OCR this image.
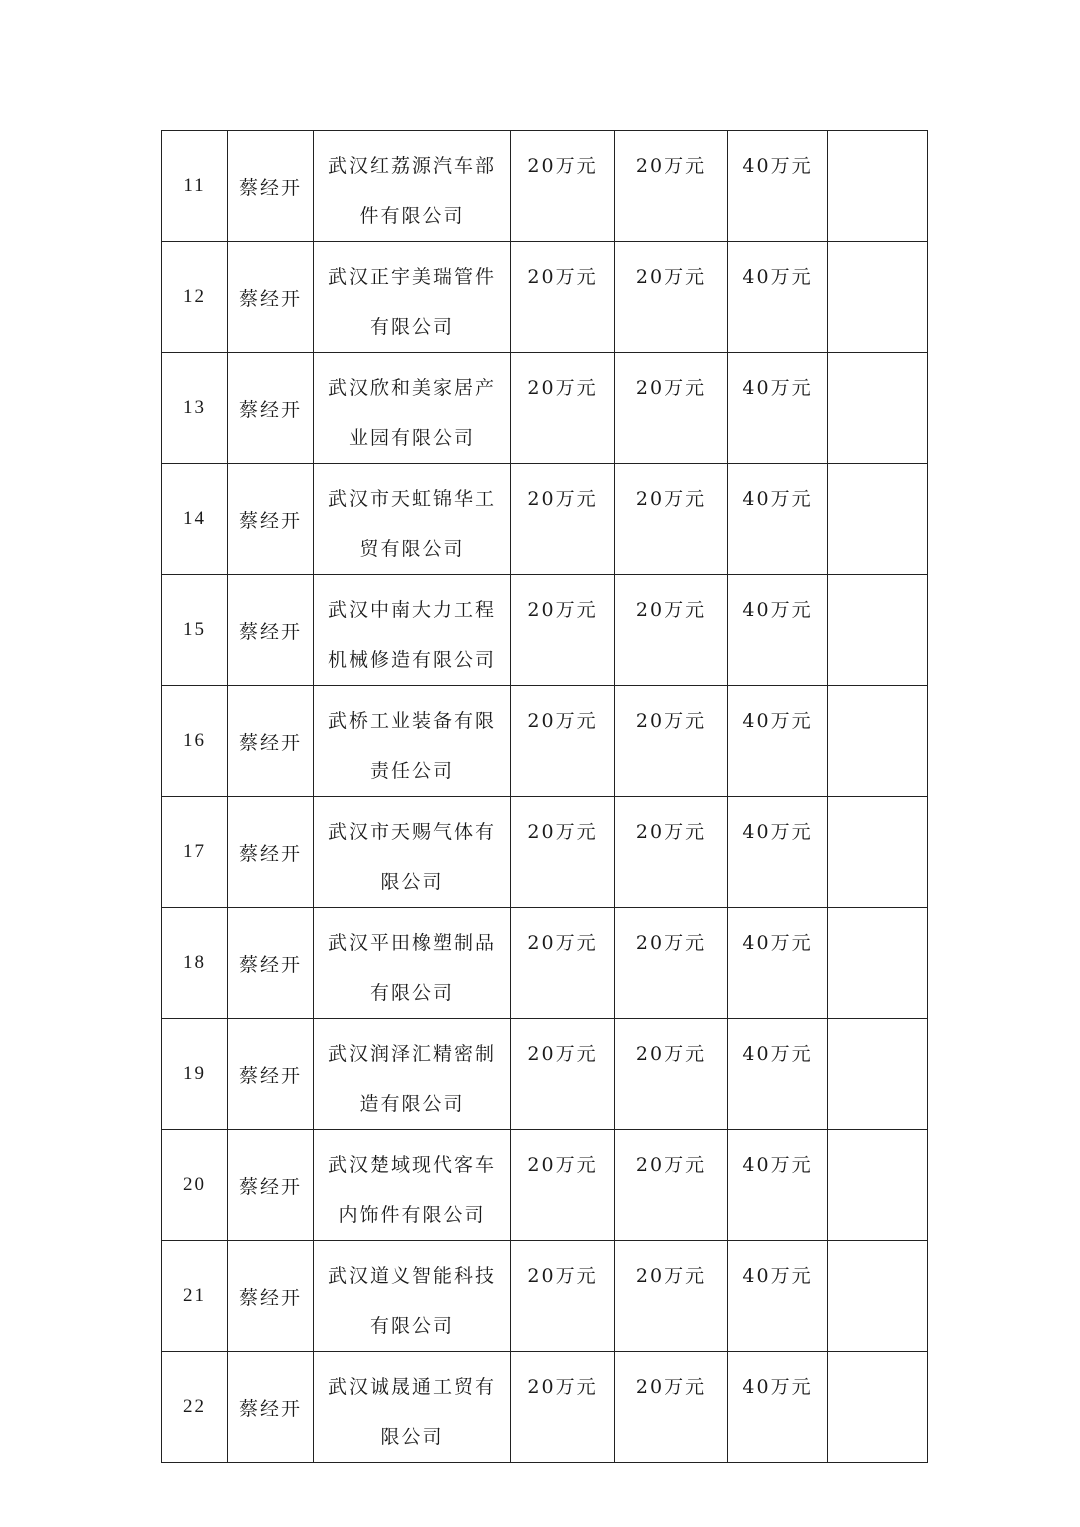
11	蔡经开	武汉红荔源汽车部
件有限公司	20万元	20万元	40万元	
12	蔡经开	武汉正宇美瑞管件
有限公司	20万元	20万元	40万元	
13	蔡经开	武汉欣和美家居产
业园有限公司	20万元	20万元	40万元	
14	蔡经开	武汉市天虹锦华工
贸有限公司	20万元	20万元	40万元	
15	蔡经开	武汉中南大力工程
机械修造有限公司	20万元	20万元	40万元	
16	蔡经开	武桥工业装备有限
责任公司	20万元	20万元	40万元	
17	蔡经开	武汉市天赐气体有
限公司	20万元	20万元	40万元	
18	蔡经开	武汉平田橡塑制品
有限公司	20万元	20万元	40万元	
19	蔡经开	武汉润泽汇精密制
造有限公司	20万元	20万元	40万元	
20	蔡经开	武汉楚域现代客车
内饰件有限公司	20万元	20万元	40万元	
21	蔡经开	武汉道义智能科技
有限公司	20万元	20万元	40万元	
22	蔡经开	武汉诚晟通工贸有
限公司	20万元	20万元	40万元	
